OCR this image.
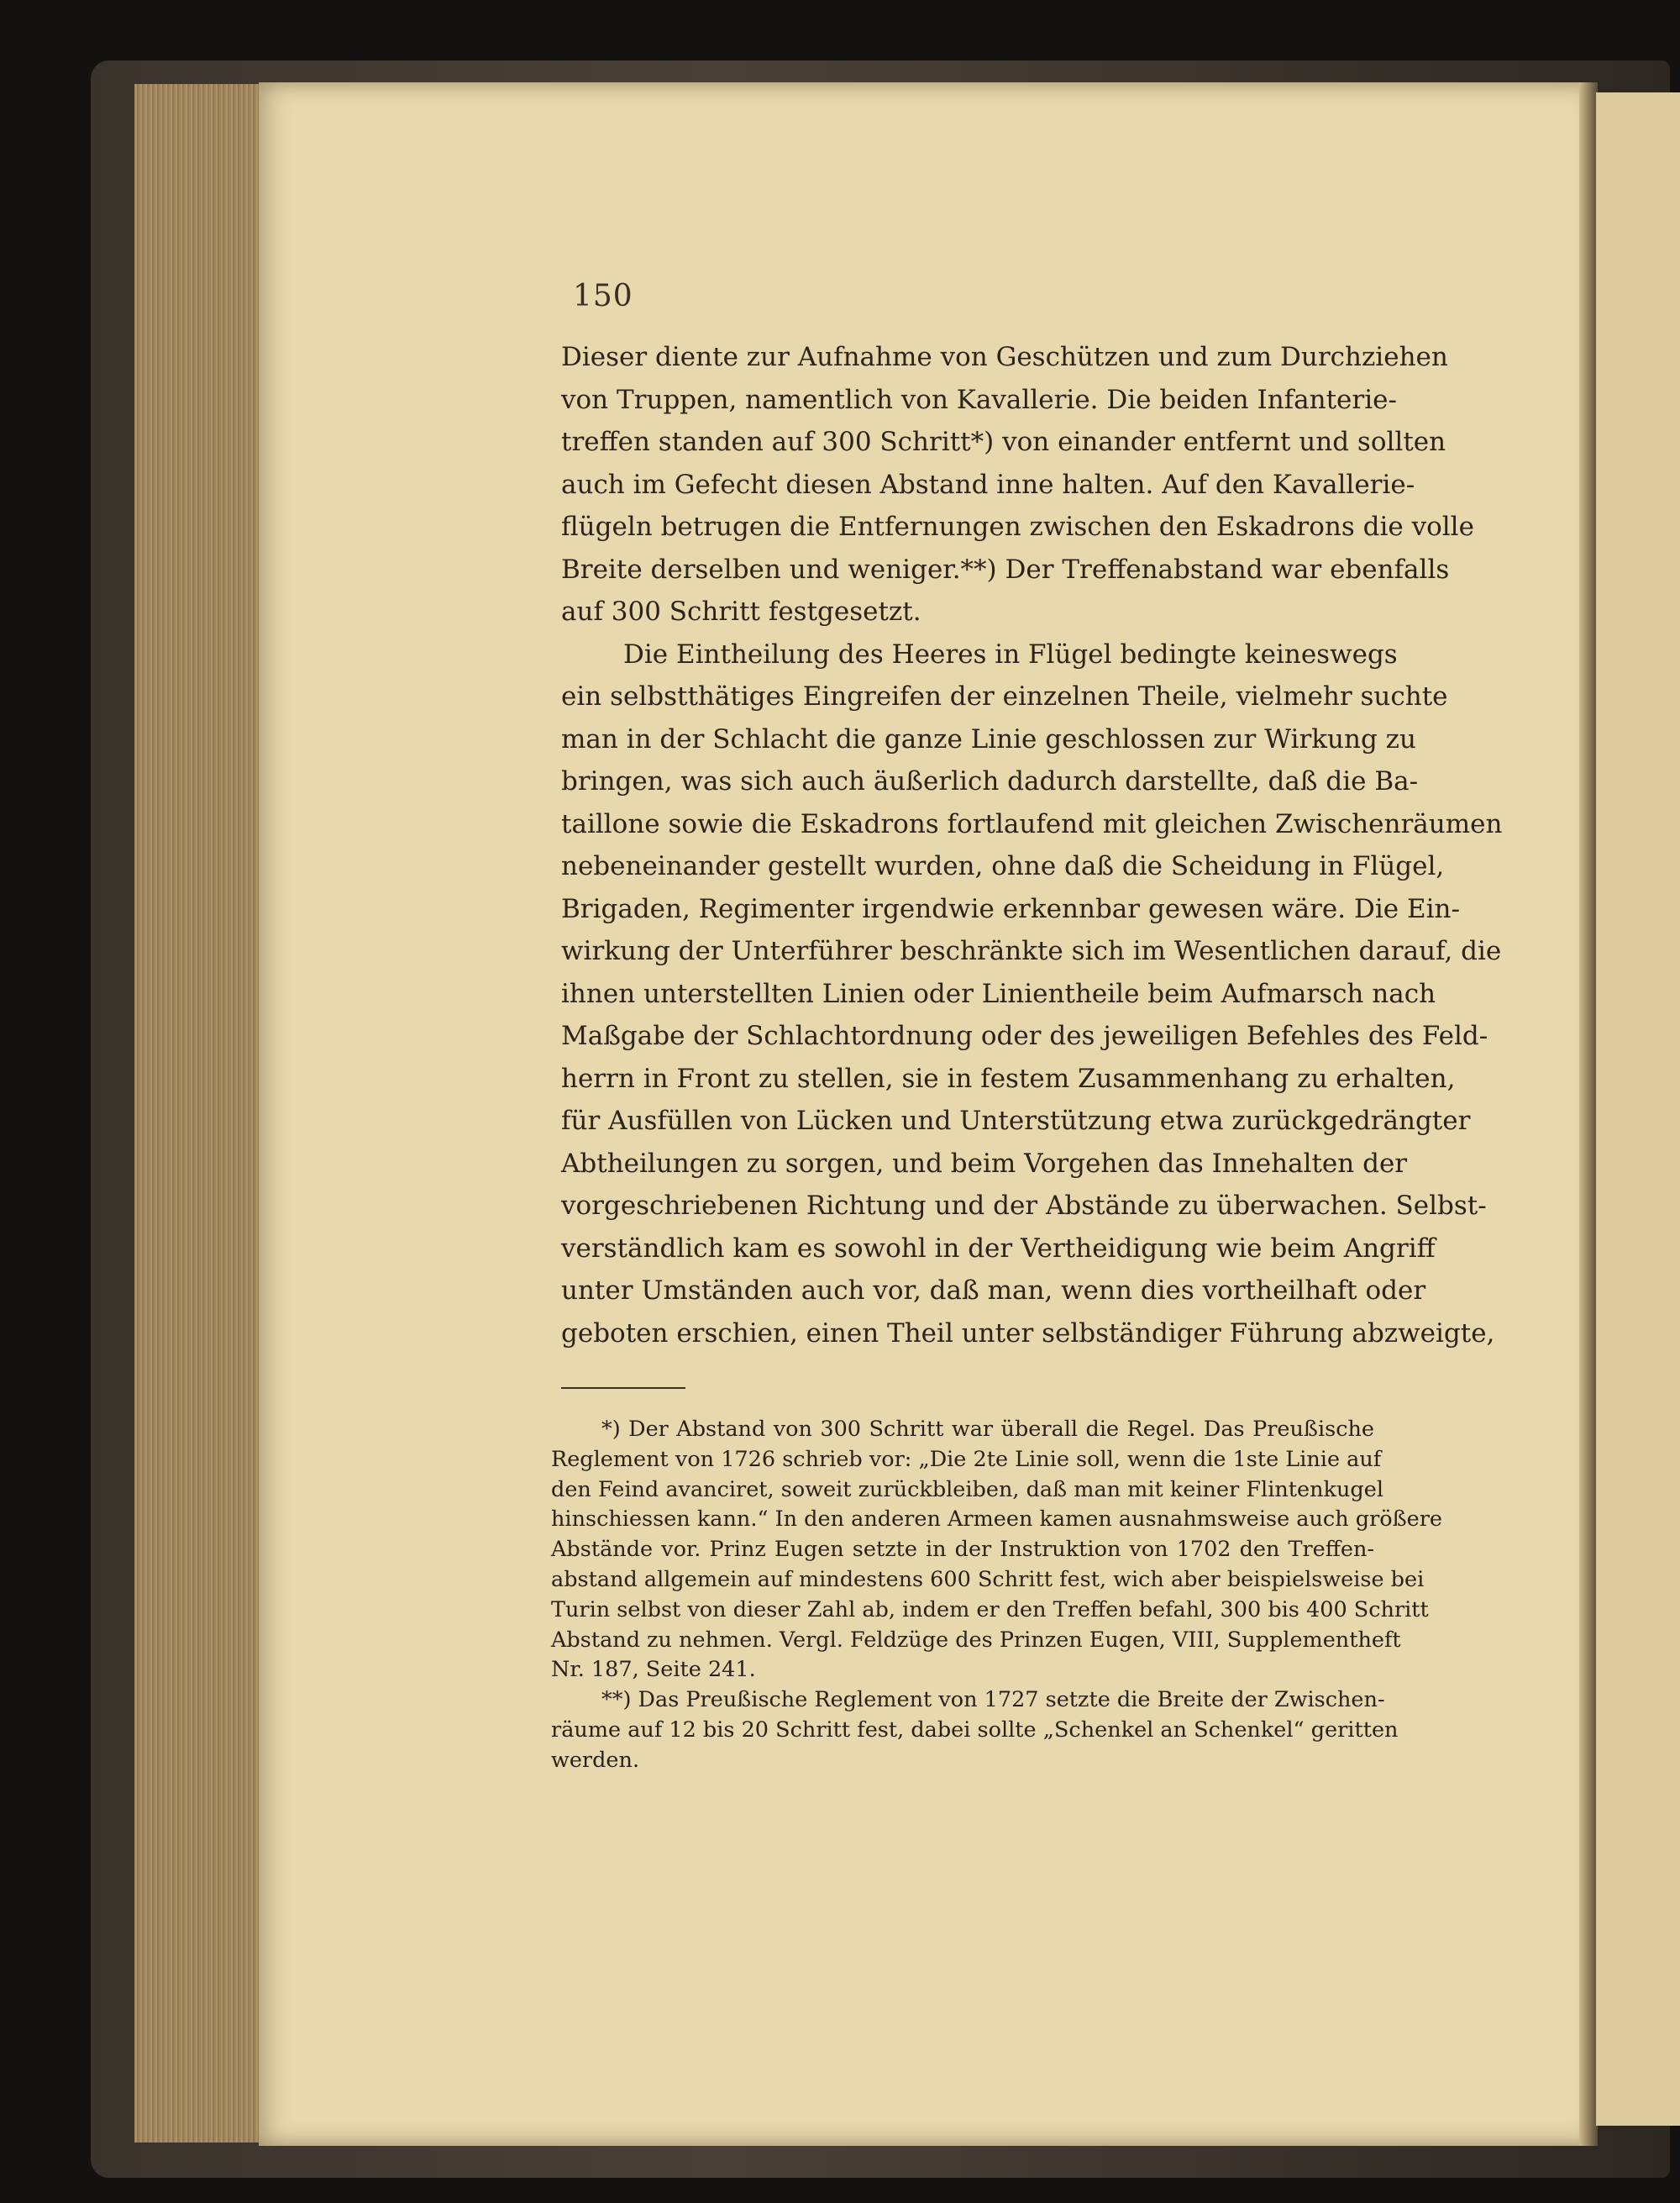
150
Dieser diente zur Aufnahme von Geschützen und zum Durchziehen
von Truppen, namentlich von Kavallerie. Die beiden Infanterie-
treffen standen auf 300 Schritt*) von einander entfernt und sollten
auch im Gefecht diesen Abstand inne halten. Auf den Kavallerie-
flügeln betrugen die Entfernungen zwischen den Eskadrons die volle
Breite derselben und weniger.**) Der Treffenabstand war ebenfalls
auf 300 Schritt festgesetzt.
Die Eintheilung des Heeres in Flügel bedingte keineswegs
ein selbstthätiges Eingreifen der einzelnen Theile, vielmehr suchte
man in der Schlacht die ganze Linie geschlossen zur Wirkung zu
bringen, was sich auch äußerlich dadurch darstellte, daß die Ba-
taillone sowie die Eskadrons fortlaufend mit gleichen Zwischenräumen
nebeneinander gestellt wurden, ohne daß die Scheidung in Flügel,
Brigaden, Regimenter irgendwie erkennbar gewesen wäre. Die Ein-
wirkung der Unterführer beschränkte sich im Wesentlichen darauf, die
ihnen unterstellten Linien oder Linientheile beim Aufmarsch nach
Maßgabe der Schlachtordnung oder des jeweiligen Befehles des Feld-
herrn in Front zu stellen, sie in festem Zusammenhang zu erhalten,
für Ausfüllen von Lücken und Unterstützung etwa zurückgedrängter
Abtheilungen zu sorgen, und beim Vorgehen das Innehalten der
vorgeschriebenen Richtung und der Abstände zu überwachen. Selbst-
verständlich kam es sowohl in der Vertheidigung wie beim Angriff
unter Umständen auch vor, daß man, wenn dies vortheilhaft oder
geboten erschien, einen Theil unter selbständiger Führung abzweigte,
*) Der Abstand von 300 Schritt war überall die Regel. Das Preußische
Reglement von 1726 schrieb vor: „Die 2te Linie soll, wenn die 1ste Linie auf
den Feind avanciret, soweit zurückbleiben, daß man mit keiner Flintenkugel
hinschiessen kann.“ In den anderen Armeen kamen ausnahmsweise auch größere
Abstände vor. Prinz Eugen setzte in der Instruktion von 1702 den Treffen-
abstand allgemein auf mindestens 600 Schritt fest, wich aber beispielsweise bei
Turin selbst von dieser Zahl ab, indem er den Treffen befahl, 300 bis 400 Schritt
Abstand zu nehmen. Vergl. Feldzüge des Prinzen Eugen, VIII, Supplementheft
Nr. 187, Seite 241.
**) Das Preußische Reglement von 1727 setzte die Breite der Zwischen-
räume auf 12 bis 20 Schritt fest, dabei sollte „Schenkel an Schenkel“ geritten
werden.
